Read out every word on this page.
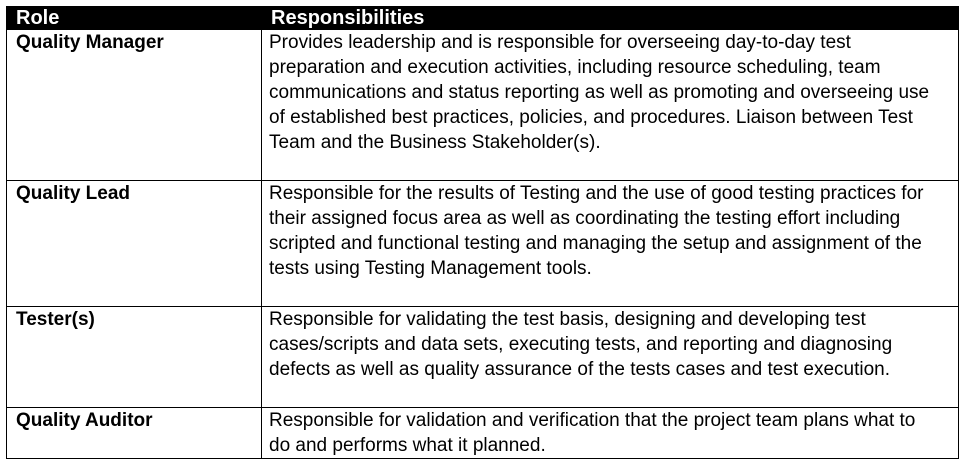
Role	Responsibilities
Quality Manager	Provides leadership and is responsible for overseeing day-to-day test preparation and execution activities, including resource scheduling, team communications and status reporting as well as promoting and overseeing use of established best practices, policies, and procedures. Liaison between Test Team and the Business Stakeholder(s).
Quality Lead	Responsible for the results of Testing and the use of good testing practices for their assigned focus area as well as coordinating the testing effort including scripted and functional testing and managing the setup and assignment of the tests using Testing Management tools.
Tester(s)	Responsible for validating the test basis, designing and developing test cases/scripts and data sets, executing tests, and reporting and diagnosing defects as well as quality assurance of the tests cases and test execution.
Quality Auditor	Responsible for validation and verification that the project team plans what to do and performs what it planned.
